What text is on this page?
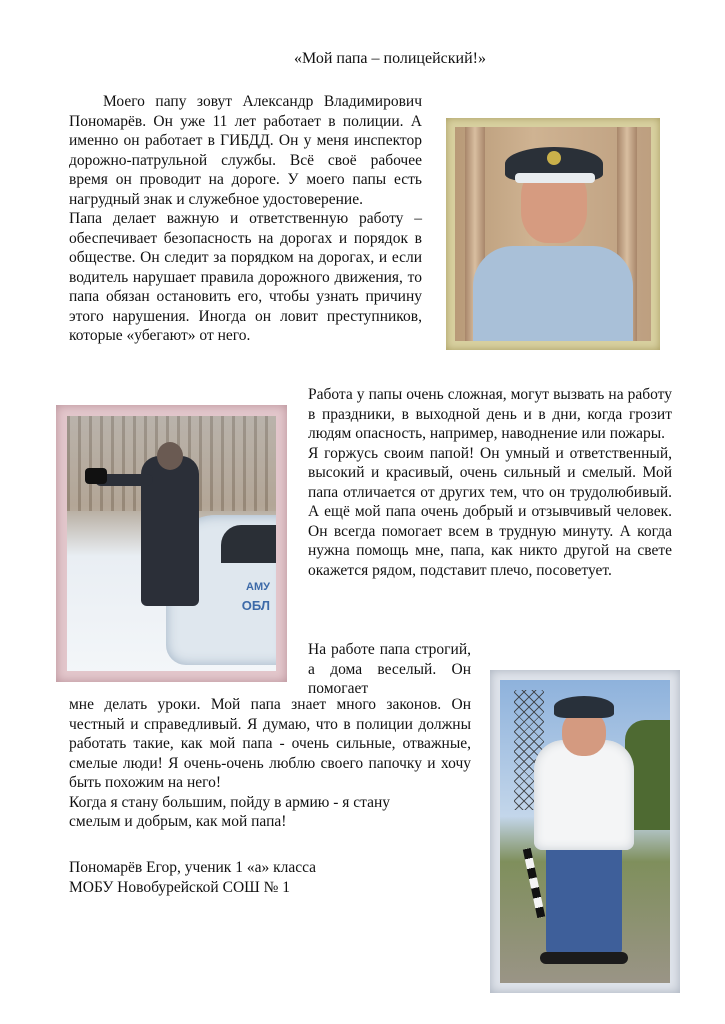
«Мой папа – полицейский!»

Моего папу зовут Александр Владимирович Пономарёв. Он уже 11 лет работает в полиции. А именно он работает в ГИБДД. Он у меня инспектор дорожно-патрульной службы. Всё своё рабочее время он проводит на дороге. У моего папы есть нагрудный знак и служебное удостоверение.

Папа делает важную и ответственную работу – обеспечивает безопасность на дорогах и порядок в обществе. Он следит за порядком на дорогах, и если водитель нарушает правила дорожного движения, то папа обязан остановить его, чтобы узнать причину этого нарушения. Иногда он ловит преступников, которые «убегают» от него.

Работа у папы очень сложная, могут вызвать на работу в праздники, в выходной день и в дни, когда грозит людям опасность, например, наводнение или пожары.

Я горжусь своим папой! Он умный и ответственный, высокий и красивый, очень сильный и смелый. Мой папа отличается от других тем, что он трудолюбивый. А ещё мой папа очень добрый и отзывчивый человек. Он всегда помогает всем в трудную минуту. А когда нужна помощь мне, папа, как никто другой на свете окажется рядом, подставит плечо, посоветует.

АМУ
ОБЛ

На работе папа строгий, а дома веселый. Он помогает

мне делать уроки. Мой папа знает много законов. Он честный и справедливый. Я думаю, что в полиции должны работать такие, как мой папа - очень сильные, отважные, смелые люди! Я очень-очень люблю своего папочку и хочу быть похожим на него!

Когда я стану большим, пойду в армию - я стану смелым и добрым, как мой папа!

Пономарёв Егор, ученик 1 «а» класса
МОБУ Новобурейской СОШ № 1
